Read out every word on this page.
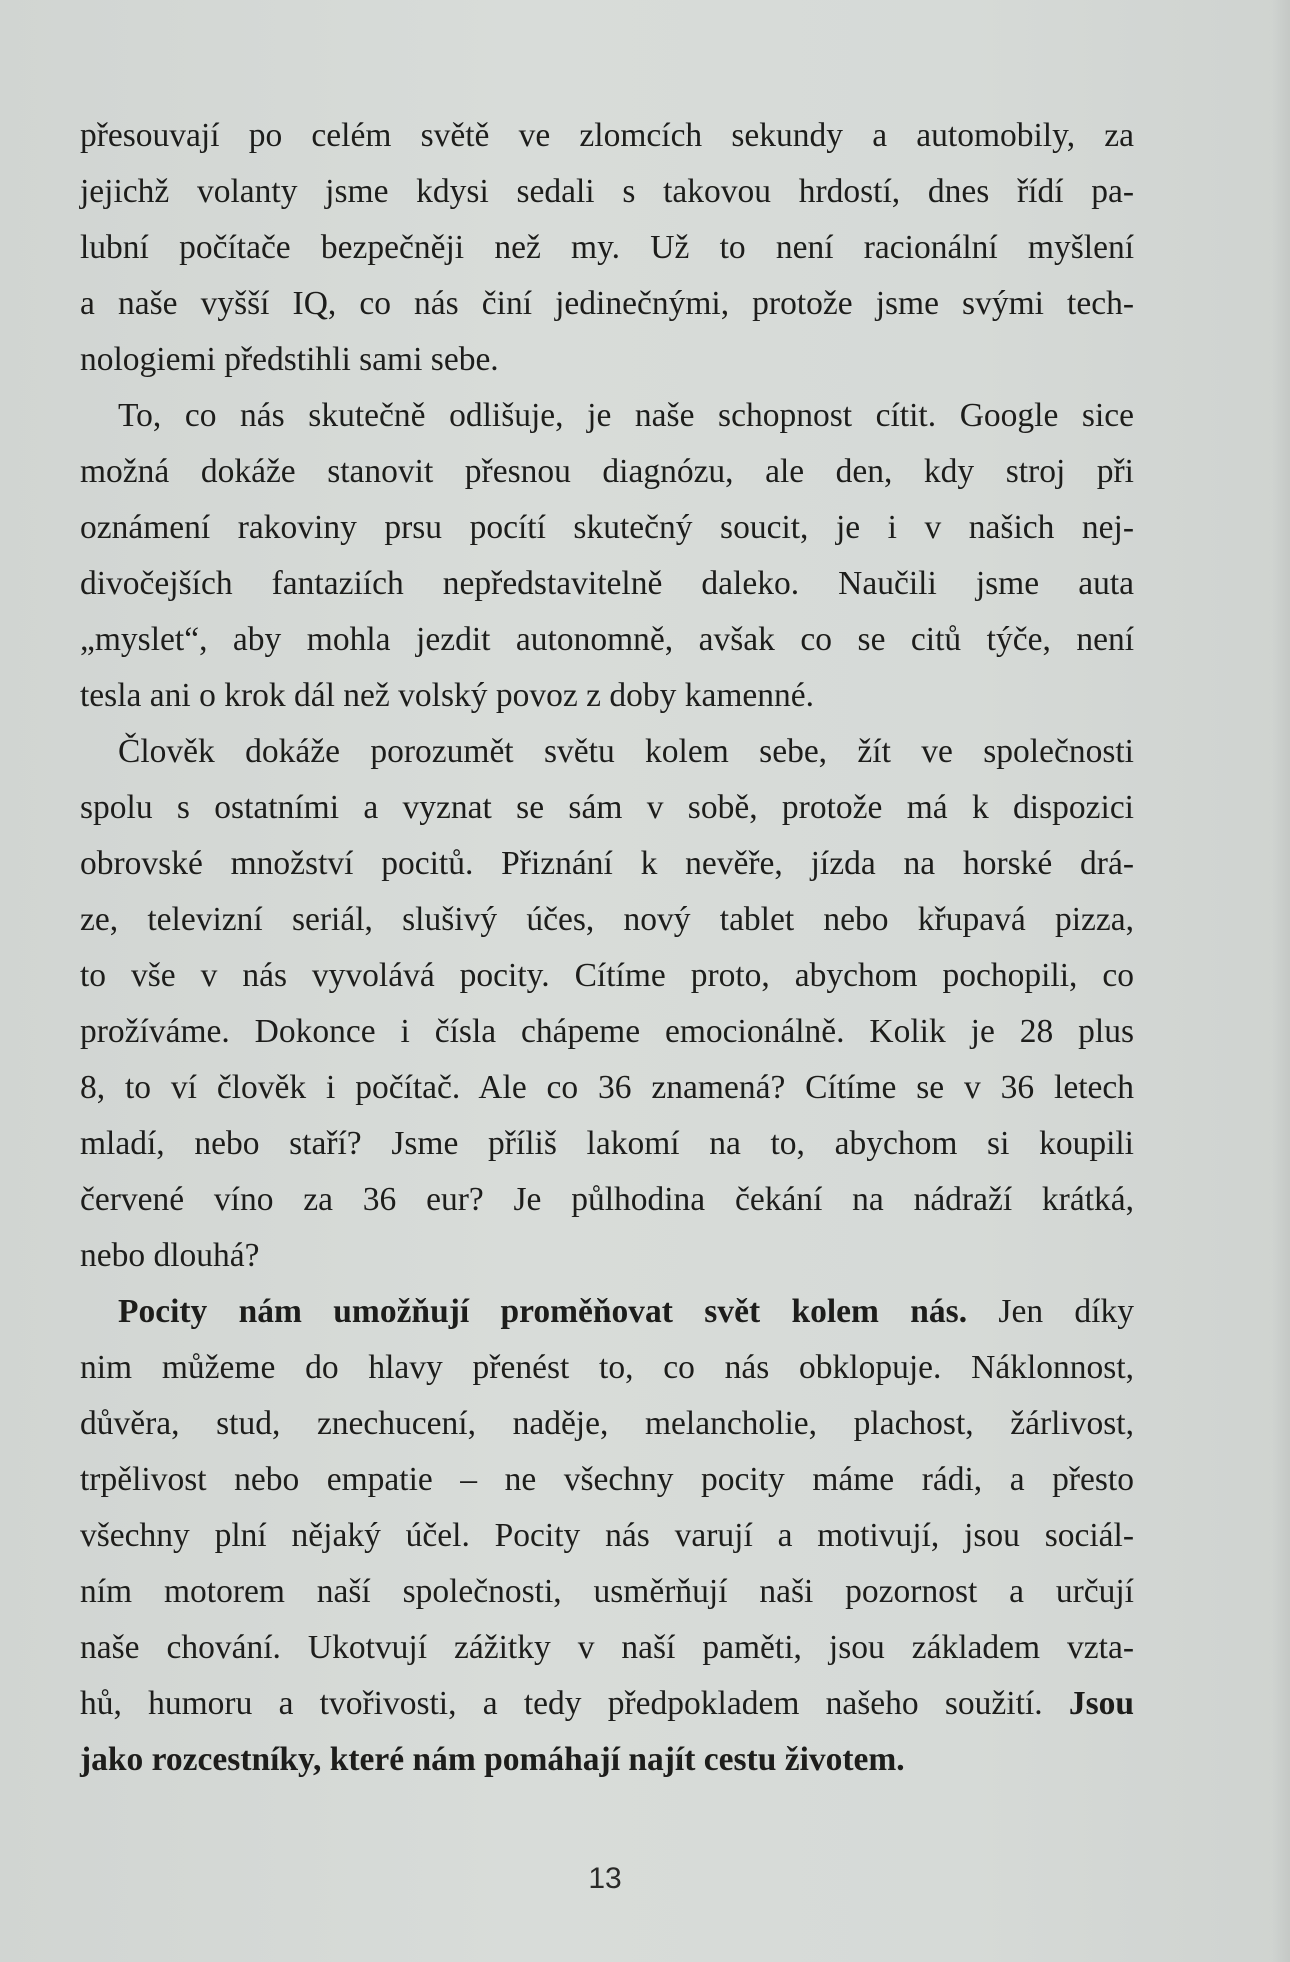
přesouvají po celém světě ve zlomcích sekundy a automobily, za
jejichž volanty jsme kdysi sedali s takovou hrdostí, dnes řídí pa-
lubní počítače bezpečněji než my. Už to není racionální myšlení
a naše vyšší IQ, co nás činí jedinečnými, protože jsme svými tech-
nologiemi předstihli sami sebe.
To, co nás skutečně odlišuje, je naše schopnost cítit. Google sice
možná dokáže stanovit přesnou diagnózu, ale den, kdy stroj při
oznámení rakoviny prsu pocítí skutečný soucit, je i v našich nej-
divočejších fantaziích nepředstavitelně daleko. Naučili jsme auta
„myslet“, aby mohla jezdit autonomně, avšak co se citů týče, není
tesla ani o krok dál než volský povoz z doby kamenné.
Člověk dokáže porozumět světu kolem sebe, žít ve společnosti
spolu s ostatními a vyznat se sám v sobě, protože má k dispozici
obrovské množství pocitů. Přiznání k nevěře, jízda na horské drá-
ze, televizní seriál, slušivý účes, nový tablet nebo křupavá pizza,
to vše v nás vyvolává pocity. Cítíme proto, abychom pochopili, co
prožíváme. Dokonce i čísla chápeme emocionálně. Kolik je 28 plus
8, to ví člověk i počítač. Ale co 36 znamená? Cítíme se v 36 letech
mladí, nebo staří? Jsme příliš lakomí na to, abychom si koupili
červené víno za 36 eur? Je půlhodina čekání na nádraží krátká,
nebo dlouhá?
Pocity nám umožňují proměňovat svět kolem nás. Jen díky
nim můžeme do hlavy přenést to, co nás obklopuje. Náklonnost,
důvěra, stud, znechucení, naděje, melancholie, plachost, žárlivost,
trpělivost nebo empatie – ne všechny pocity máme rádi, a přesto
všechny plní nějaký účel. Pocity nás varují a motivují, jsou sociál-
ním motorem naší společnosti, usměrňují naši pozornost a určují
naše chování. Ukotvují zážitky v naší paměti, jsou základem vzta-
hů, humoru a tvořivosti, a tedy předpokladem našeho soužití. Jsou
jako rozcestníky, které nám pomáhají najít cestu životem.
13
